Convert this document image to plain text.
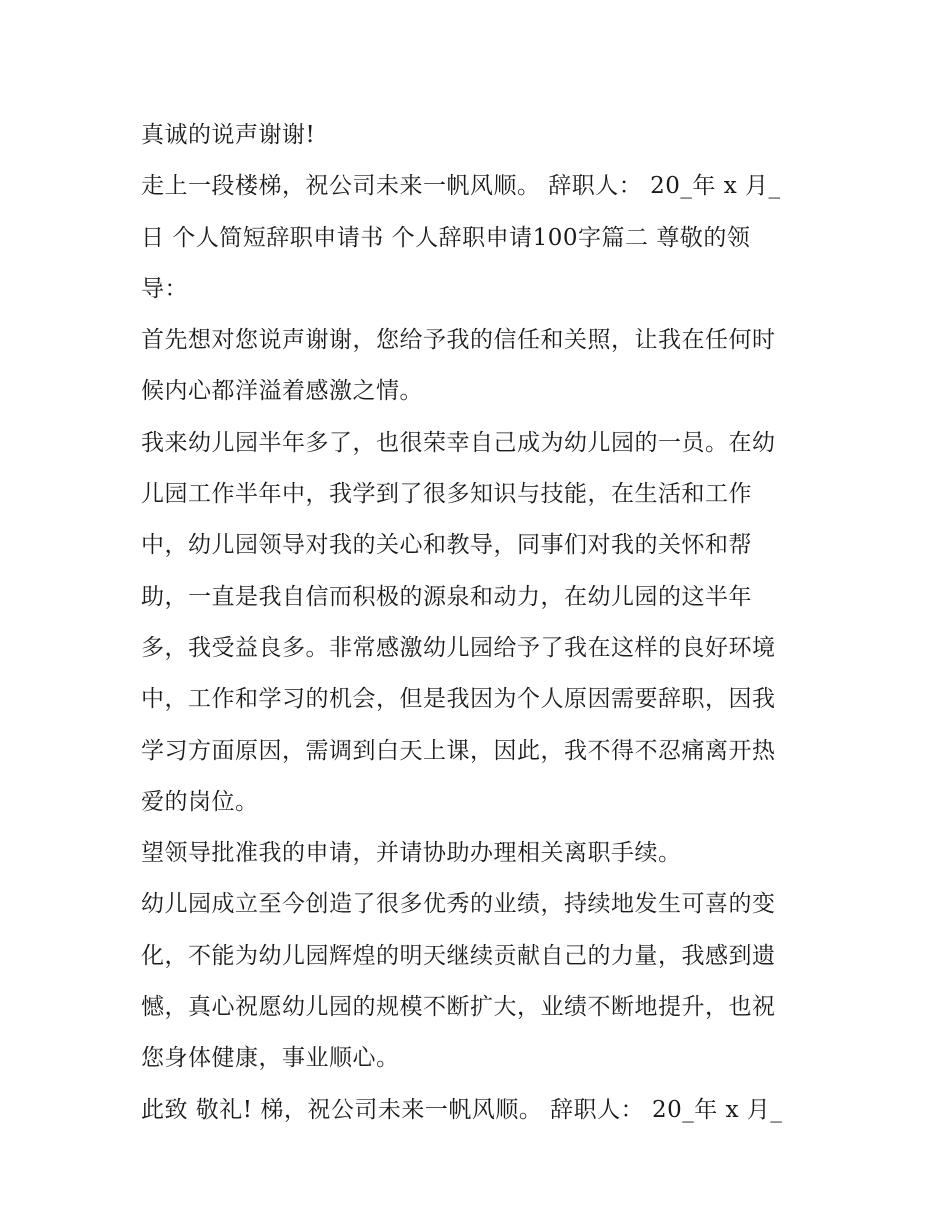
真诚的说声谢谢!
走上一段楼梯，祝公司未来一帆风顺。 辞职人： 20_年 x 月_
日 个人简短辞职申请书 个人辞职申请100字篇二 尊敬的领
导：
首先想对您说声谢谢，您给予我的信任和关照，让我在任何时
候内心都洋溢着感激之情。
我来幼儿园半年多了，也很荣幸自己成为幼儿园的一员。在幼
儿园工作半年中，我学到了很多知识与技能，在生活和工作
中，幼儿园领导对我的关心和教导，同事们对我的关怀和帮
助，一直是我自信而积极的源泉和动力，在幼儿园的这半年
多，我受益良多。非常感激幼儿园给予了我在这样的良好环境
中，工作和学习的机会，但是我因为个人原因需要辞职，因我
学习方面原因，需调到白天上课，因此，我不得不忍痛离开热
爱的岗位。
望领导批准我的申请，并请协助办理相关离职手续。
幼儿园成立至今创造了很多优秀的业绩，持续地发生可喜的变
化，不能为幼儿园辉煌的明天继续贡献自己的力量，我感到遗
憾，真心祝愿幼儿园的规模不断扩大，业绩不断地提升，也祝
您身体健康，事业顺心。
此致 敬礼! 梯，祝公司未来一帆风顺。 辞职人： 20_年 x 月_
